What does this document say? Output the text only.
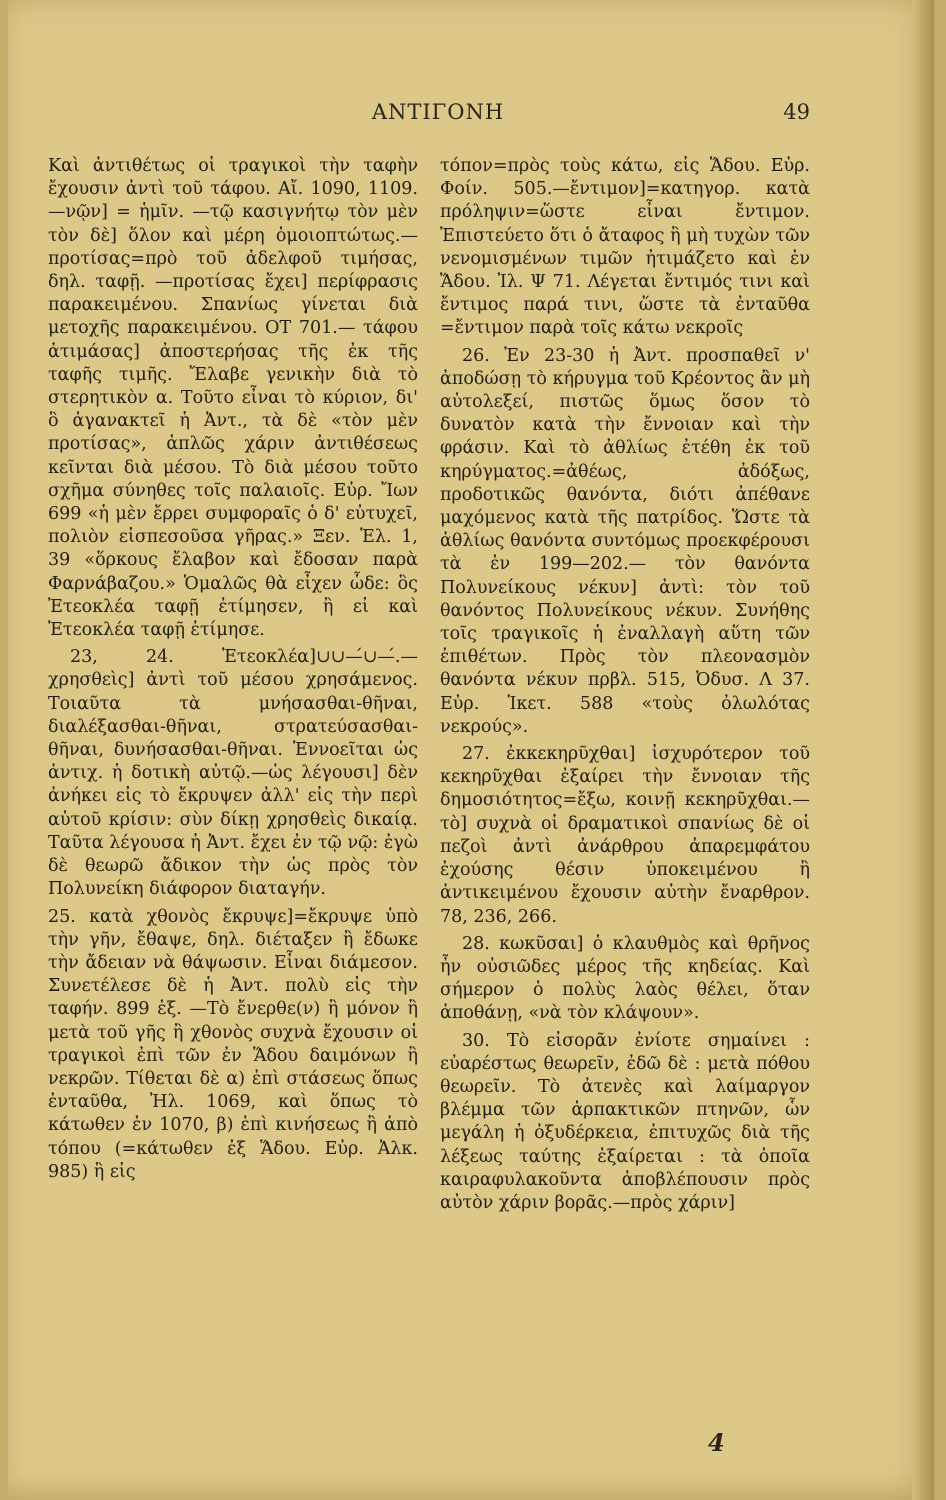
ΑΝΤΙΓΟΝΗ	49

Καὶ ἀντιθέτως οἱ τραγικοὶ τὴν ταφὴν ἔχουσιν ἀντὶ τοῦ τάφου. Αἴ. 1090, 1109.—νῷν] = ἡμῖν. —τῷ κασιγνήτῳ τὸν μὲν τὸν δὲ] ὅλον καὶ μέρη ὁμοιοπτώτως.—προτίσας=πρὸ τοῦ ἀδελφοῦ τιμήσας, δηλ. ταφῇ. —προτίσας ἔχει] περίφρασις παρακειμένου. Σπανίως γίνεται διὰ μετοχῆς παρακειμένου. ΟΤ 701.— τάφου ἀτιμάσας] ἀποστερήσας τῆς ἐκ τῆς ταφῆς τιμῆς. Ἔλαβε γενικὴν διὰ τὸ στερητικὸν α. Τοῦτο εἶναι τὸ κύριον, δι' ὃ ἀγανακτεῖ ἡ Ἀντ., τὰ δὲ «τὸν μὲν προτίσας», ἁπλῶς χάριν ἀντιθέσεως κεῖνται διὰ μέσου. Τὸ διὰ μέσου τοῦτο σχῆμα σύνηθες τοῖς παλαιοῖς. Εὐρ. Ἴων 699 «ἡ μὲν ἔρρει συμφοραῖς ὁ δ' εὐτυχεῖ, πολιὸν εἰσπεσοῦσα γῆρας.» Ξεν. Ἑλ. 1, 39 «ὅρκους ἔλαβον καὶ ἔδοσαν παρὰ Φαρνάβαζου.» Ὁμαλῶς θὰ εἶχεν ὧδε: ὃς Ἐτεοκλέα ταφῇ ἐτίμησεν, ἢ εἰ καὶ Ἐτεοκλέα ταφῇ ἐτίμησε.

23, 24. Ἐτεοκλέα]∪∪—́∪—́.— χρησθεὶς] ἀντὶ τοῦ μέσου χρησάμενος. Τοιαῦτα τὰ μνήσασθαι-θῆναι, διαλέξασθαι-θῆναι, στρατεύσασθαι-θῆναι, δυνήσασθαι-θῆναι. Ἐννοεῖται ὡς ἀντιχ. ἡ δοτικὴ αὐτῷ.—ὡς λέγουσι] δὲν ἀνήκει εἰς τὸ ἔκρυψεν ἀλλ' εἰς τὴν περὶ αὐτοῦ κρίσιν: σὺν δίκῃ χρησθεὶς δικαίᾳ. Ταῦτα λέγουσα ἡ Ἀντ. ἔχει ἐν τῷ νῷ: ἐγὼ δὲ θεωρῶ ἄδικον τὴν ὡς πρὸς τὸν Πολυνείκη διάφορον διαταγήν.

25. κατὰ χθονὸς ἔκρυψε]=ἔκρυψε ὑπὸ τὴν γῆν, ἔθαψε, δηλ. διέταξεν ἢ ἔδωκε τὴν ἄδειαν νὰ θάψωσιν. Εἶναι διάμεσον. Συνετέλεσε δὲ ἡ Ἀντ. πολὺ εἰς τὴν ταφήν. 899 ἑξ. —Τὸ ἔνερθε(ν) ἢ μόνον ἢ μετὰ τοῦ γῆς ἢ χθονὸς συχνὰ ἔχουσιν οἱ τραγικοὶ ἐπὶ τῶν ἐν Ἅδου δαιμόνων ἢ νεκρῶν. Τίθεται δὲ α) ἐπὶ στάσεως ὅπως ἐνταῦθα, Ἠλ. 1069, καὶ ὅπως τὸ κάτωθεν ἐν 1070, β) ἐπὶ κινήσεως ἢ ἀπὸ τόπου (=κάτωθεν ἐξ Ἅδου. Εὐρ. Ἀλκ. 985) ἢ εἰς

τόπον=πρὸς τοὺς κάτω, εἰς Ἅδου. Εὐρ. Φοίν. 505.—ἔντιμον]=κατηγορ. κατὰ πρόληψιν=ὥστε εἶναι ἔντιμον. Ἐπιστεύετο ὅτι ὁ ἄταφος ἢ μὴ τυχὼν τῶν νενομισμένων τιμῶν ἠτιμάζετο καὶ ἐν Ἅδου. Ἰλ. Ψ 71. Λέγεται ἔντιμός τινι καὶ ἔντιμος παρά τινι, ὥστε τὰ ἐνταῦθα =ἔντιμον παρὰ τοῖς κάτω νεκροῖς

26. Ἐν 23-30 ἡ Ἀντ. προσπαθεῖ ν' ἀποδώσῃ τὸ κήρυγμα τοῦ Κρέοντος ἂν μὴ αὐτολεξεί, πιστῶς ὅμως ὅσον τὸ δυνατὸν κατὰ τὴν ἔννοιαν καὶ τὴν φράσιν. Καὶ τὸ ἀθλίως ἐτέθη ἐκ τοῦ κηρύγματος.=ἀθέως, ἀδόξως, προδοτικῶς θανόντα, διότι ἀπέθανε μαχόμενος κατὰ τῆς πατρίδος. Ὥστε τὰ ἀθλίως θανόντα συντόμως προεκφέρουσι τὰ ἐν 199—202.— τὸν θανόντα Πολυνείκους νέκυν] ἀντὶ: τὸν τοῦ θανόντος Πολυνείκους νέκυν. Συνήθης τοῖς τραγικοῖς ἡ ἐναλλαγὴ αὕτη τῶν ἐπιθέτων. Πρὸς τὸν πλεονασμὸν θανόντα νέκυν πρβλ. 515, Ὀδυσ. Λ 37. Εὐρ. Ἱκετ. 588 «τοὺς ὀλωλότας νεκρούς».

27. ἐκκεκηρῦχθαι] ἰσχυρότερον τοῦ κεκηρῦχθαι ἐξαίρει τὴν ἔννοιαν τῆς δημοσιότητος=ἔξω, κοινῇ κεκηρῦχθαι.—τὸ] συχνὰ οἱ δραματικοὶ σπανίως δὲ οἱ πεζοὶ ἀντὶ ἀνάρθρου ἀπαρεμφάτου ἐχούσης θέσιν ὑποκειμένου ἢ ἀντικειμένου ἔχουσιν αὐτὴν ἔναρθρον. 78, 236, 266.

28. κωκῦσαι] ὁ κλαυθμὸς καὶ θρῆνος ἦν οὐσιῶδες μέρος τῆς κηδείας. Καὶ σήμερον ὁ πολὺς λαὸς θέλει, ὅταν ἀποθάνῃ, «νὰ τὸν κλάψουν».

30. Τὸ εἰσορᾶν ἐνίοτε σημαίνει : εὐαρέστως θεωρεῖν, ἐδῶ δὲ : μετὰ πόθου θεωρεῖν. Τὸ ἀτενὲς καὶ λαίμαργον βλέμμα τῶν ἁρπακτικῶν πτηνῶν, ὧν μεγάλη ἡ ὀξυδέρκεια, ἐπιτυχῶς διὰ τῆς λέξεως ταύτης ἐξαίρεται : τὰ ὁποῖα καιραφυλακοῦντα ἀποβλέπουσιν πρὸς αὐτὸν χάριν βορᾶς.—πρὸς χάριν]

4
